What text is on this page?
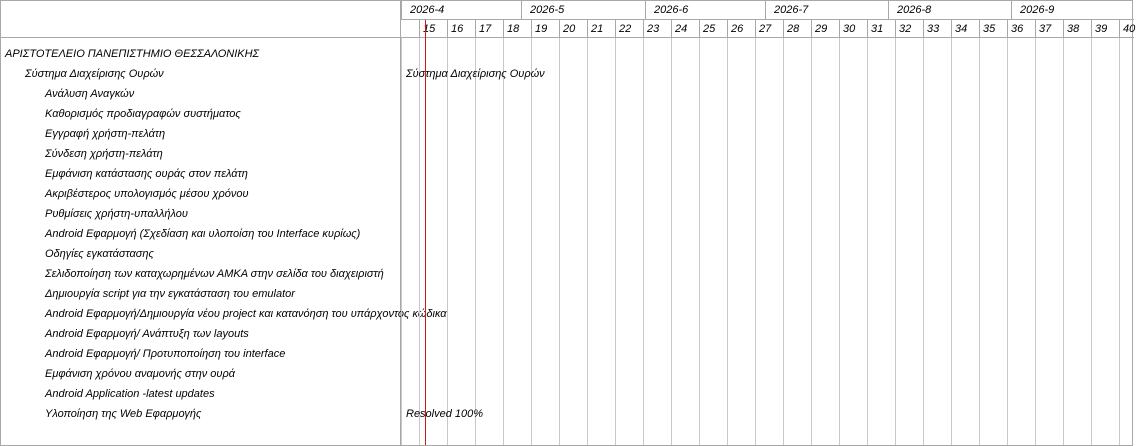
ΑΡΙΣΤΟΤΕΛΕΙΟ ΠΑΝΕΠΙΣΤΗΜΙΟ ΘΕΣΣΑΛΟΝΙΚΗΣ
Σύστημα Διαχείρισης Ουρών
Ανάλυση Αναγκών
Καθορισμός προδιαγραφών συστήματος
Εγγραφή χρήστη-πελάτη
Σύνδεση χρήστη-πελάτη
Εμφάνιση κατάστασης ουράς στον πελάτη
Ακριβέστερος υπολογισμός μέσου χρόνου
Ρυθμίσεις χρήστη-υπαλλήλου
Android Εφαρμογή (Σχεδίαση και υλοποίση του Interface κυρίως)
Οδηγίες εγκατάστασης
Σελιδοποίηση των καταχωρημένων ΑΜΚΑ στην σελίδα του διαχειριστή
Δημιουργία script για την εγκατάσταση του emulator
Android Εφαρμογή/Δημιουργία νέου project και κατανόηση του υπάρχοντος κώδικα
Android Εφαρμογή/ Ανάπτυξη των layouts
Android Εφαρμογή/ Προτυποποίηση του interface
Εμφάνιση χρόνου αναμονής στην ουρά
Android Application -latest updates
Υλοποίηση της Web Εφαρμογής
2026-4	2026-5	2026-6	2026-7	2026-8	2026-9
15	16	17	18	19	20	21	22	23	24	25	26	27	28	29	30	31	32	33	34	35	36	37	38	39	40
Σύστημα Διαχείρισης Ουρών
Resolved 100%
